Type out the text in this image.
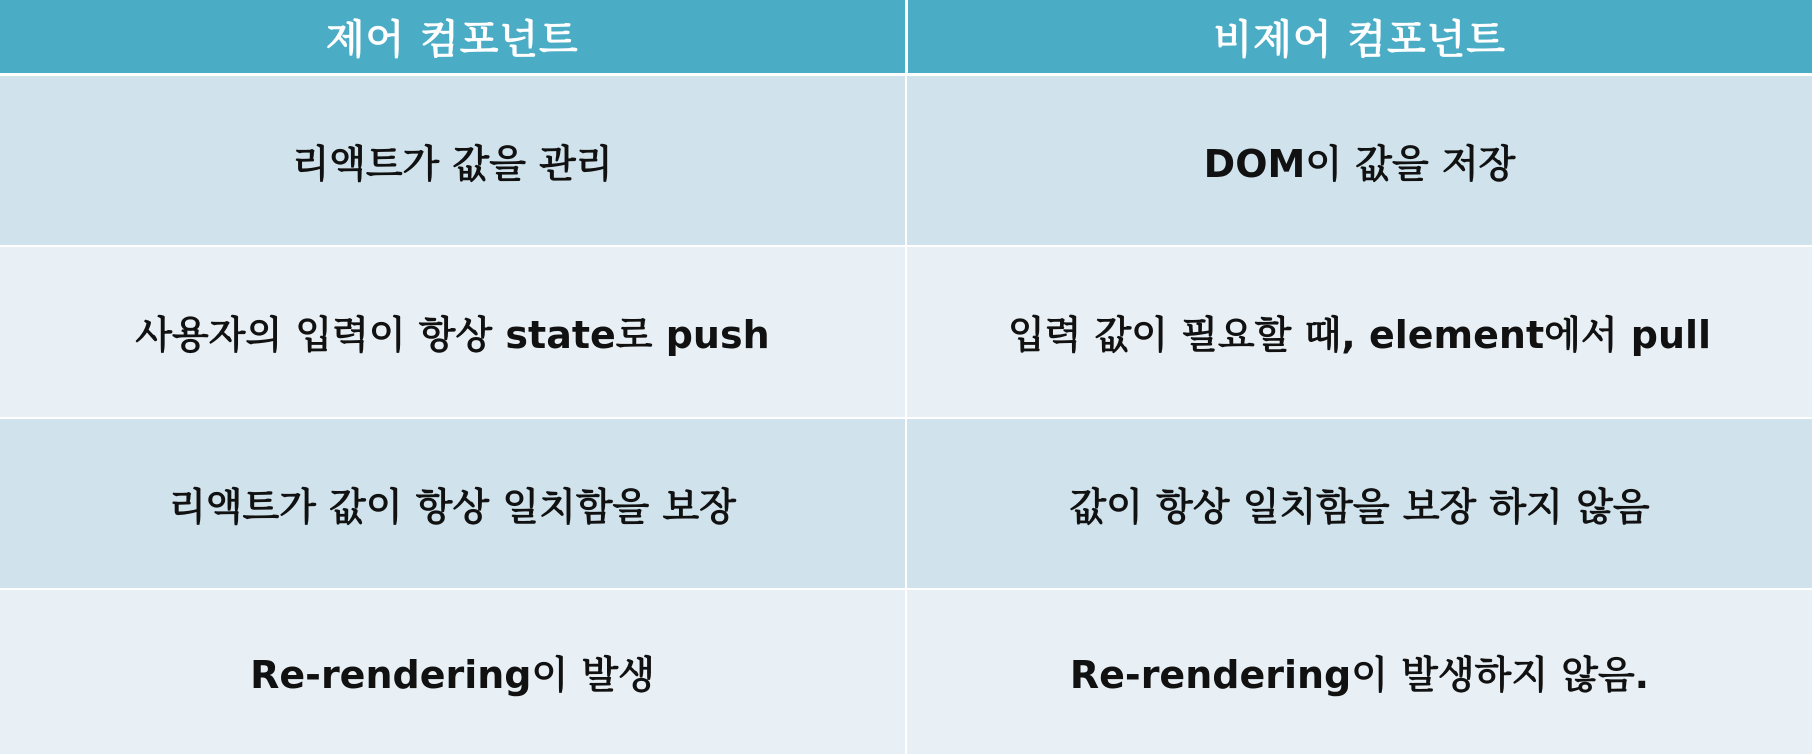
제어 컴포넌트	비제어 컴포넌트
리액트가 값을 관리	DOM이 값을 저장
사용자의 입력이 항상 state로 push	입력 값이 필요할 때, element에서 pull
리액트가 값이 항상 일치함을 보장	값이 항상 일치함을 보장 하지 않음
Re-rendering이 발생	Re-rendering이 발생하지 않음.
